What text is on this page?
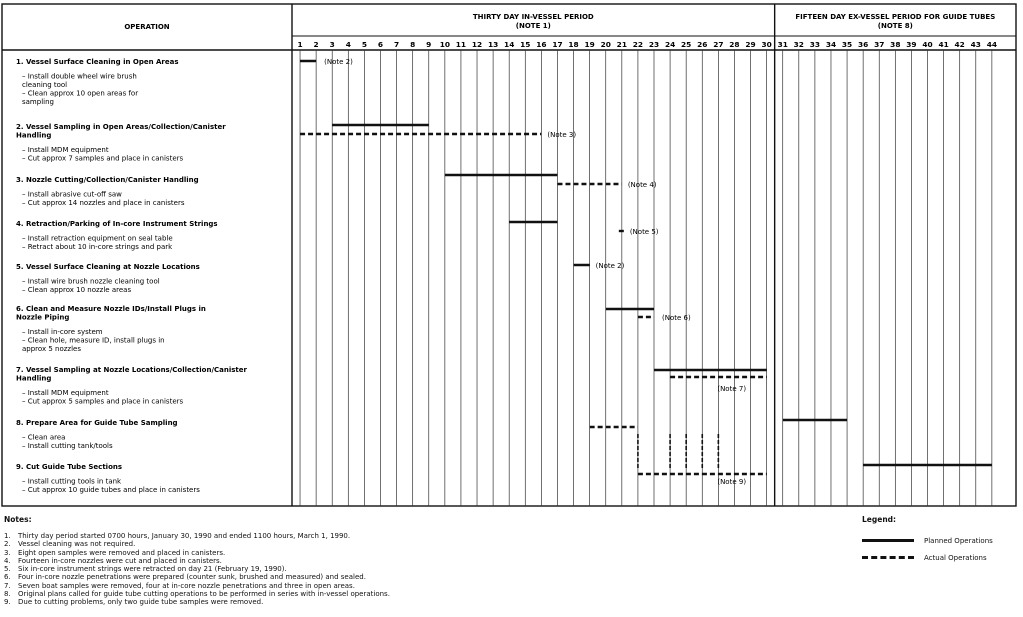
OPERATION
THIRTY DAY IN-VESSEL PERIOD
(NOTE 1)
FIFTEEN DAY EX-VESSEL PERIOD FOR GUIDE TUBES
(NOTE 8)
1 2 3 4 5 6 7 8 9 10 11 12 13 14 15 16 17 18 19 20 21 22 23 24 25 26 27 28 29 30 31 32 33 34 35 36 37 38 39 40 41 42 43 44
1. Vessel Surface Cleaning in Open Areas
– Install double wheel wire brush
cleaning tool
– Clean approx 10 open areas for
sampling
2. Vessel Sampling in Open Areas/Collection/Canister
Handling
– Install MDM equipment
– Cut approx 7 samples and place in canisters
3. Nozzle Cutting/Collection/Canister Handling
– Install abrasive cut-off saw
– Cut approx 14 nozzles and place in canisters
4. Retraction/Parking of In-core Instrument Strings
– Install retraction equipment on seal table
– Retract about 10 in-core strings and park
5. Vessel Surface Cleaning at Nozzle Locations
– Install wire brush nozzle cleaning tool
– Clean approx 10 nozzle areas
6. Clean and Measure Nozzle IDs/Install Plugs in
Nozzle Piping
– Install in-core system
– Clean hole, measure ID, install plugs in
approx 5 nozzles
7. Vessel Sampling at Nozzle Locations/Collection/Canister
Handling
– Install MDM equipment
– Cut approx 5 samples and place in canisters
8. Prepare Area for Guide Tube Sampling
– Clean area
– Install cutting tank/tools
9. Cut Guide Tube Sections
– Install cutting tools in tank
– Cut approx 10 guide tubes and place in canisters
(Note 2)
(Note 3)
(Note 4)
(Note 5)
(Note 2)
(Note 6)
(Note 7)
(Note 9)
Notes:
1. Thirty day period started 0700 hours, January 30, 1990 and ended 1100 hours, March 1, 1990.
2. Vessel cleaning was not required.
3. Eight open samples were removed and placed in canisters.
4. Fourteen in-core nozzles were cut and placed in canisters.
5. Six in-core instrument strings were retracted on day 21 (February 19, 1990).
6. Four in-core nozzle penetrations were prepared (counter sunk, brushed and measured) and sealed.
7. Seven boat samples were removed, four at in-core nozzle penetrations and three in open areas.
8. Original plans called for guide tube cutting operations to be performed in series with in-vessel operations.
9. Due to cutting problems, only two guide tube samples were removed.
Legend:
Planned Operations
Actual Operations
